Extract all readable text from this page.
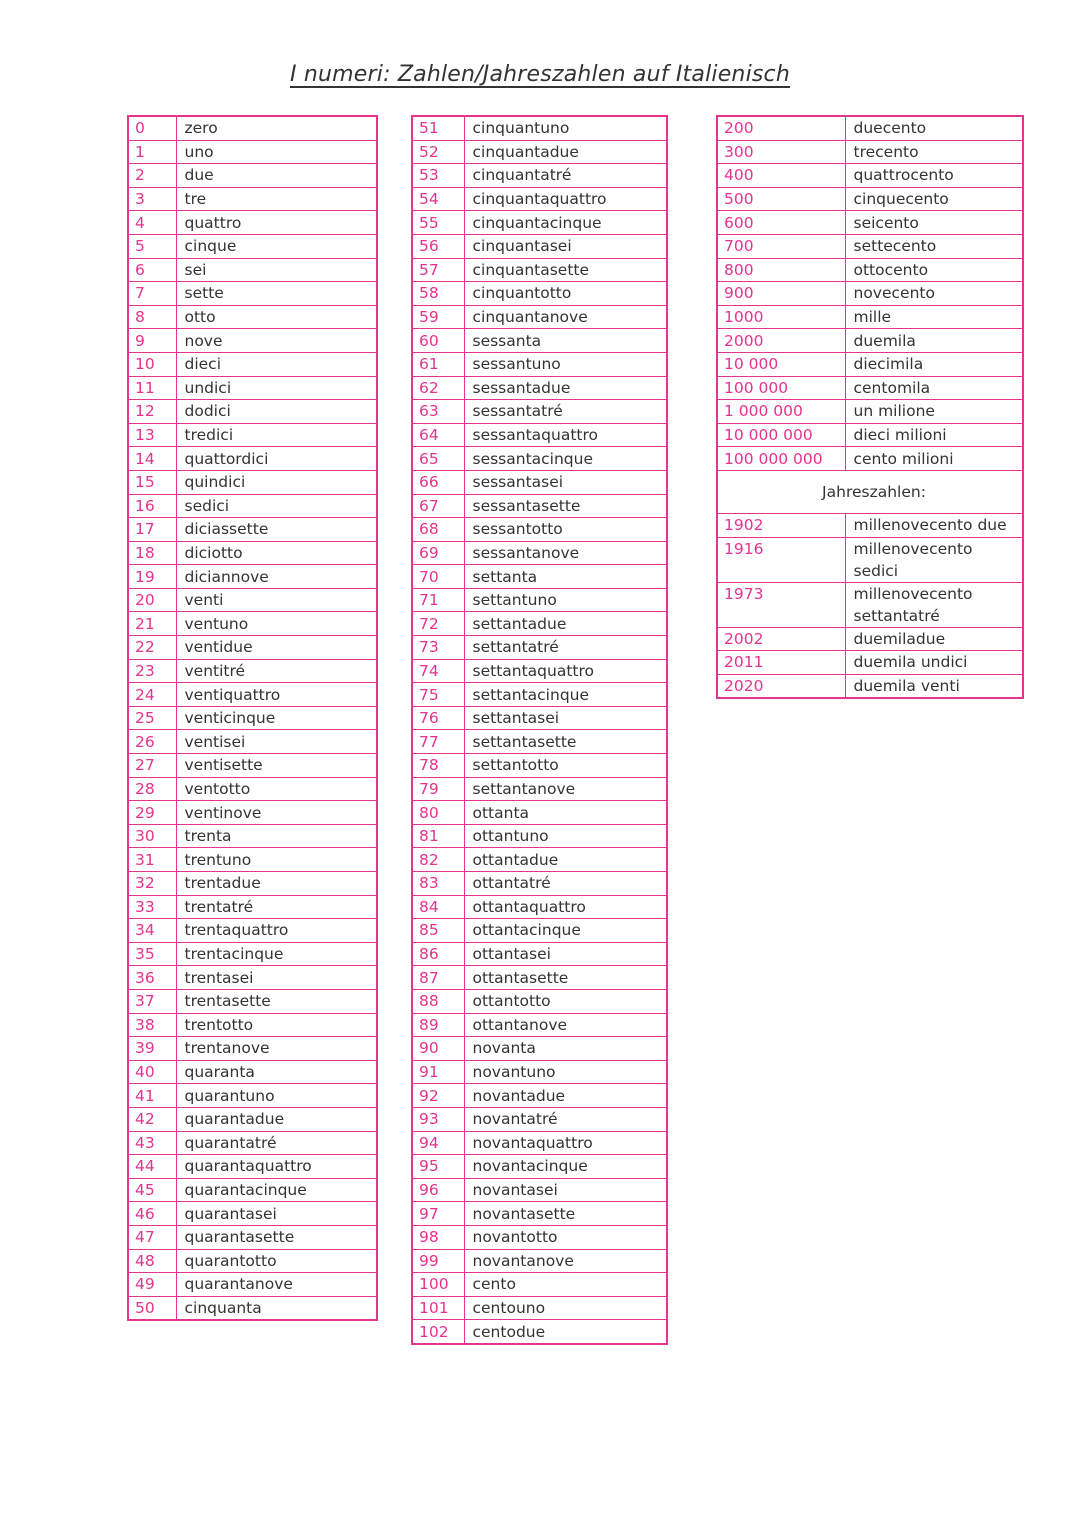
I numeri: Zahlen/Jahreszahlen auf Italienisch
0	zero
1	uno
2	due
3	tre
4	quattro
5	cinque
6	sei
7	sette
8	otto
9	nove
10	dieci
11	undici
12	dodici
13	tredici
14	quattordici
15	quindici
16	sedici
17	diciassette
18	diciotto
19	diciannove
20	venti
21	ventuno
22	ventidue
23	ventitré
24	ventiquattro
25	venticinque
26	ventisei
27	ventisette
28	ventotto
29	ventinove
30	trenta
31	trentuno
32	trentadue
33	trentatré
34	trentaquattro
35	trentacinque
36	trentasei
37	trentasette
38	trentotto
39	trentanove
40	quaranta
41	quarantuno
42	quarantadue
43	quarantatré
44	quarantaquattro
45	quarantacinque
46	quarantasei
47	quarantasette
48	quarantotto
49	quarantanove
50	cinquanta
51	cinquantuno
52	cinquantadue
53	cinquantatré
54	cinquantaquattro
55	cinquantacinque
56	cinquantasei
57	cinquantasette
58	cinquantotto
59	cinquantanove
60	sessanta
61	sessantuno
62	sessantadue
63	sessantatré
64	sessantaquattro
65	sessantacinque
66	sessantasei
67	sessantasette
68	sessantotto
69	sessantanove
70	settanta
71	settantuno
72	settantadue
73	settantatré
74	settantaquattro
75	settantacinque
76	settantasei
77	settantasette
78	settantotto
79	settantanove
80	ottanta
81	ottantuno
82	ottantadue
83	ottantatré
84	ottantaquattro
85	ottantacinque
86	ottantasei
87	ottantasette
88	ottantotto
89	ottantanove
90	novanta
91	novantuno
92	novantadue
93	novantatré
94	novantaquattro
95	novantacinque
96	novantasei
97	novantasette
98	novantotto
99	novantanove
100	cento
101	centouno
102	centodue
200	duecento
300	trecento
400	quattrocento
500	cinquecento
600	seicento
700	settecento
800	ottocento
900	novecento
1000	mille
2000	duemila
10 000	diecimila
100 000	centomila
1 000 000	un milione
10 000 000	dieci milioni
100 000 000	cento milioni
Jahreszahlen:	
1902	millenovecento due
1916	millenovecento sedici
1973	millenovecento settantatré
2002	duemiladue
2011	duemila undici
2020	duemila venti
